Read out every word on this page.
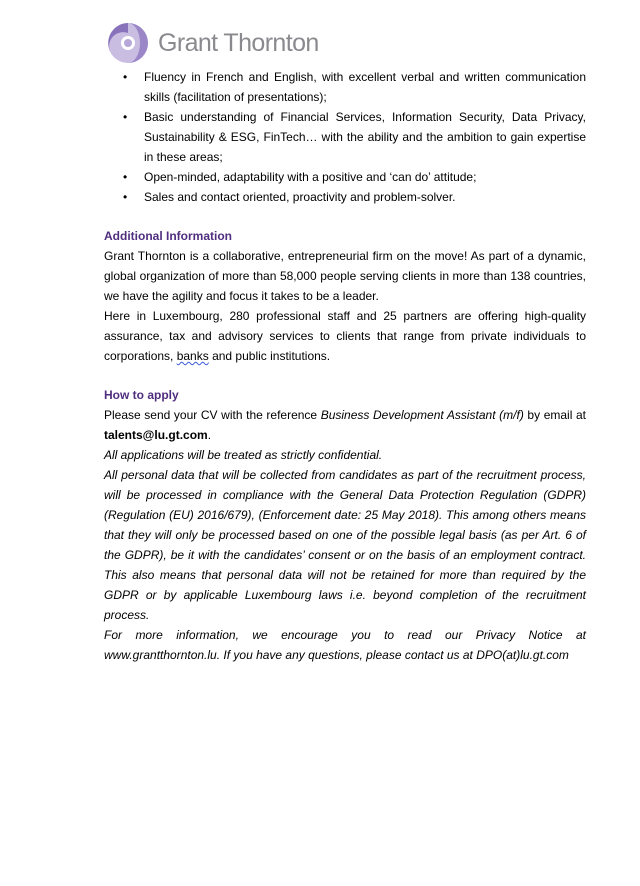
Grant Thornton
• Fluency in French and English, with excellent verbal and written communication skills (facilitation of presentations);
• Basic understanding of Financial Services, Information Security, Data Privacy, Sustainability & ESG, FinTech… with the ability and the ambition to gain expertise in these areas;
• Open-minded, adaptability with a positive and ‘can do’ attitude;
• Sales and contact oriented, proactivity and problem-solver.
Additional Information

Grant Thornton is a collaborative, entrepreneurial firm on the move! As part of a dynamic, global organization of more than 58,000 people serving clients in more than 138 countries, we have the agility and focus it takes to be a leader.

Here in Luxembourg, 280 professional staff and 25 partners are offering high-quality assurance, tax and advisory services to clients that range from private individuals to corporations, banks and public institutions.

How to apply

Please send your CV with the reference Business Development Assistant (m/f) by email at talents@lu.gt.com.

All applications will be treated as strictly confidential.

All personal data that will be collected from candidates as part of the recruitment process, will be processed in compliance with the General Data Protection Regulation (GDPR) (Regulation (EU) 2016/679), (Enforcement date: 25 May 2018). This among others means that they will only be processed based on one of the possible legal basis (as per Art. 6 of the GDPR), be it with the candidates’ consent or on the basis of an employment contract. This also means that personal data will not be retained for more than required by the GDPR or by applicable Luxembourg laws i.e. beyond completion of the recruitment process.

For more information, we encourage you to read our Privacy Notice at www.grantthornton.lu. If you have any questions, please contact us at DPO(at)lu.gt.com
